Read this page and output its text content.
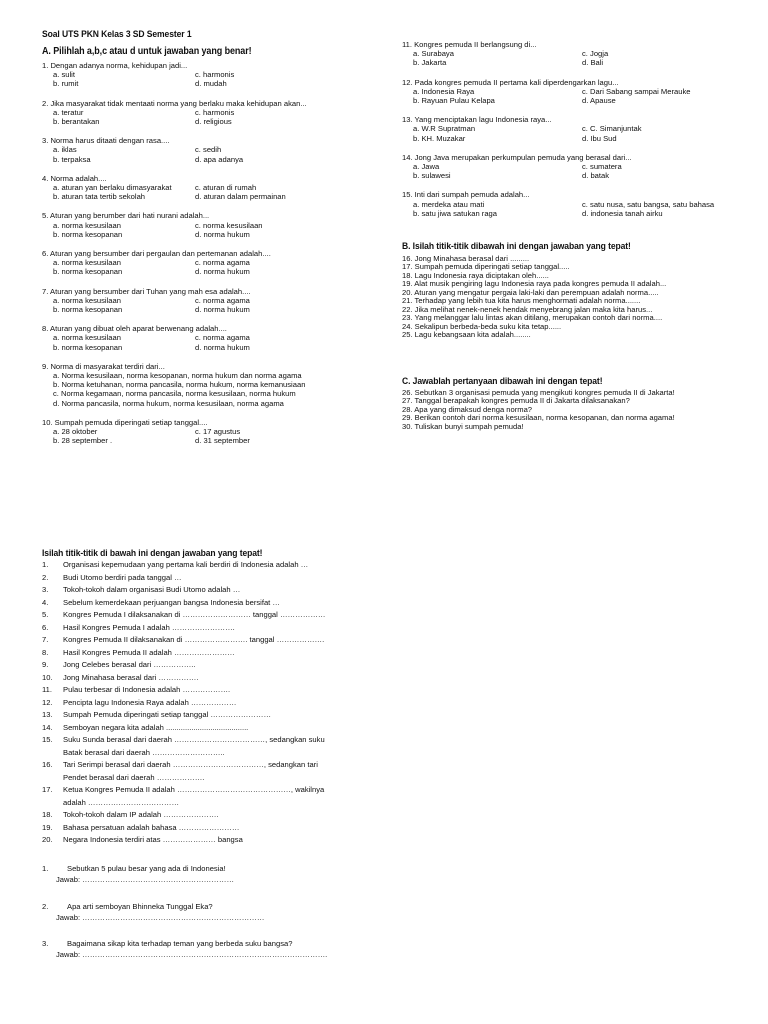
Soal UTS PKN Kelas 3 SD Semester 1
A. Pilihlah a,b,c atau d untuk jawaban yang benar!
1. Dengan adanya norma, kehidupan jadi...
a. sulit	c. harmonis
b. rumit	d. mudah
2. Jika masyarakat tidak mentaati norma yang berlaku maka kehidupan akan...
a. teratur	c. harmonis
b. berantakan	d. religious
3. Norma harus ditaati dengan rasa....
a. iklas	c. sedih
b. terpaksa	d. apa adanya
4. Norma adalah....
a. aturan yan berlaku dimasyarakat	c. aturan di rumah
b. aturan tata tertib sekolah	d. aturan dalam permainan
5. Aturan yang berumber dari hati nurani adalah...
a. norma kesusilaan	c. norma kesusilaan
b. norma kesopanan	d. norma hukum
6. Aturan yang bersumber dari pergaulan dan pertemanan adalah....
a. norma kesusilaan	c. norma agama
b. norma kesopanan	d. norma hukum
7. Aturan yang bersumber dari Tuhan yang mah esa adalah....
a. norma kesusilaan	c. norma agama
b. norma kesopanan	d. norma hukum
8. Aturan yang dibuat oleh aparat berwenang adalah....
a. norma kesusilaan	c. norma agama
b. norma kesopanan	d. norma hukum
9. Norma di masyarakat terdiri dari...
a. Norma kesusilaan, norma kesopanan, norma hukum dan norma agama
b. Norma ketuhanan, norma pancasila, norma hukum, norma kemanusiaan
c. Norma kegamaan, norma pancasila, norma kesusilaan, norma hukum
d. Norma pancasila, norma hukum, norma kesusilaan, norma agama
10. Sumpah pemuda diperingati setiap tanggal....
a. 28 oktober	c. 17 agustus
b. 28 september .	d. 31 september
11. Kongres pemuda II berlangsung di...
a. Surabaya	c. Jogja
b. Jakarta	d. Bali
12. Pada kongres pemuda II pertama kali diperdengarkan lagu...
a. Indonesia Raya	c. Dari Sabang sampai Merauke
b. Rayuan Pulau Kelapa	d. Apause
13. Yang menciptakan lagu Indonesia raya...
a. W.R Supratman	c. C. Simanjuntak
b. KH. Muzakar	d. Ibu Sud
14. Jong Java merupakan perkumpulan pemuda yang berasal dari...
a. Jawa	c. sumatera
b. sulawesi	d. batak
15. Inti dari sumpah pemuda adalah...
a. merdeka atau mati	c. satu nusa, satu bangsa, satu bahasa
b. satu jiwa satukan raga	d. indonesia tanah airku
B. Isilah titik-titik dibawah ini dengan jawaban yang tepat!
16. Jong Minahasa berasal dari .........
17. Sumpah pemuda diperingati setiap tanggal.....
18. Lagu Indonesia raya diciptakan oleh......
19. Alat musik pengiring lagu Indonesia raya pada kongres pemuda II adalah...
20. Aturan yang mengatur pergaia laki-laki dan perempuan adalah norma.....
21. Terhadap yang lebih tua kita harus menghormati adalah norma.......
22. Jika melihat nenek-nenek hendak menyebrang jalan maka kita harus...
23. Yang melanggar lalu lintas akan ditilang, merupakan contoh dari norma....
24. Sekalipun berbeda-beda suku kita tetap......
25. Lagu kebangsaan kita adalah........
C. Jawablah pertanyaan dibawah ini dengan tepat!
26. Sebutkan 3 organisasi pemuda yang mengikuti kongres pemuda II di Jakarta!
27. Tanggal berapakah kongres pemuda II di Jakarta dilaksanakan?
28. Apa yang dimaksud denga norma?
29. Berikan contoh dari norma kesusilaan, norma kesopanan, dan norma agama!
30. Tuliskan bunyi sumpah pemuda!
Isilah titik-titik di bawah ini dengan jawaban yang tepat!
1.	Organisasi kepemudaan yang pertama kali berdiri di Indonesia adalah …
2.	Budi Utomo berdiri pada tanggal …
3.	Tokoh-tokoh dalam organisasi Budi Utomo adalah …
4.	Sebelum kemerdekaan perjuangan bangsa Indonesia bersifat …
5.	Kongres Pemuda I dilaksanakan di ……………………… tanggal ………………
6.	Hasil Kongres Pemuda I adalah …………………….
7.	Kongres Pemuda II dilaksanakan di ……………………. tanggal ……………….
8.	Hasil Kongres Pemuda II adalah ……………………
9.	Jong Celebes berasal dari ……………..
10.	Jong Minahasa berasal dari …………….
11.	Pulau terbesar di Indonesia adalah ……………….
12.	Pencipta lagu Indonesia Raya adalah ………………
13.	Sumpah Pemuda diperingati setiap tanggal ……………………
14.	Semboyan negara kita adalah .......................................
15.	Suku Sunda berasal dari daerah ………………………………, sedangkan suku
Batak berasal dari daerah ………………………..
16.	Tari Serimpi berasal dari daerah ………………………………, sedangkan tari
Pendet berasal dari daerah ……………….
17.	Ketua Kongres Pemuda II adalah ………………………………………, wakilnya
adalah ………………………………
18.	Tokoh-tokoh dalam IP adalah ………………….
19.	Bahasa persatuan adalah bahasa ……………………
20.	Negara Indonesia terdiri atas ………………… bangsa
1. Sebutkan 5 pulau besar yang ada di Indonesia!
Jawab: ……………………………………………………
2. Apa arti semboyan Bhinneka Tunggal Eka?
Jawab: ………………………………………………………………
3. Bagaimana sikap kita terhadap teman yang berbeda suku bangsa?
Jawab: …………………………………………………………………………………….
